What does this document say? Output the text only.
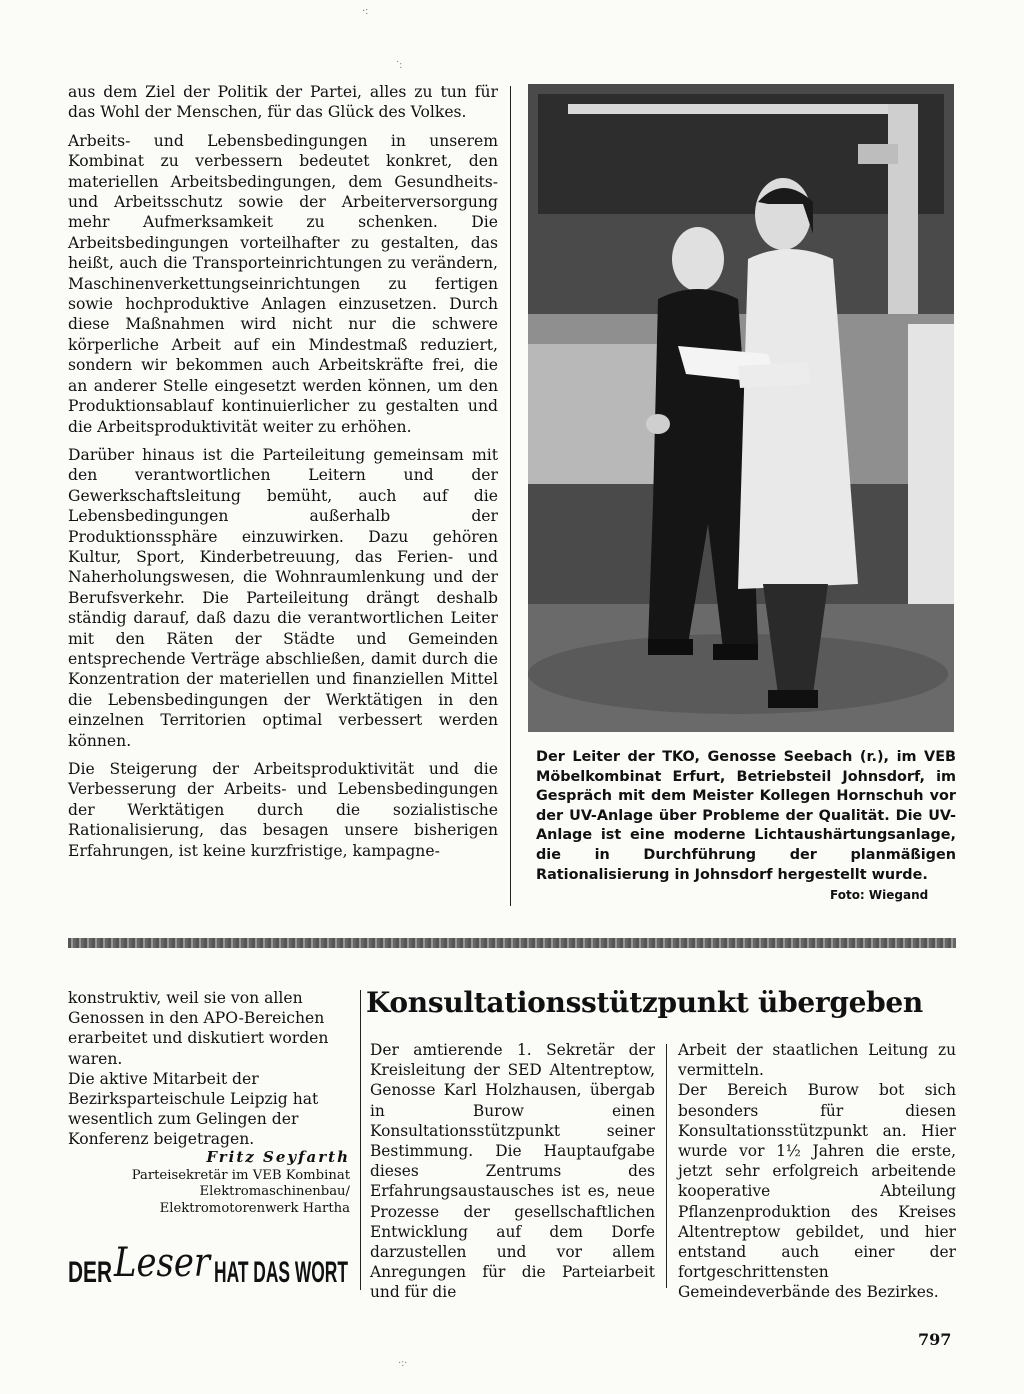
·:
˙:
·:·

aus dem Ziel der Politik der Partei, alles zu tun für das Wohl der Menschen, für das Glück des Volkes.

Arbeits- und Lebensbedingungen in unserem Kombinat zu verbessern bedeutet konkret, den materiellen Arbeitsbedingungen, dem Gesundheits- und Arbeitsschutz sowie der Arbeiterversorgung mehr Aufmerksamkeit zu schenken. Die Arbeitsbedingungen vorteilhafter zu gestalten, das heißt, auch die Transporteinrichtungen zu verändern, Maschinenverkettungseinrichtungen zu fertigen sowie hochproduktive Anlagen einzusetzen. Durch diese Maßnahmen wird nicht nur die schwere körperliche Arbeit auf ein Mindestmaß reduziert, sondern wir bekommen auch Arbeitskräfte frei, die an anderer Stelle eingesetzt werden können, um den Produktionsablauf kontinuierlicher zu gestalten und die Arbeitsproduktivität weiter zu erhöhen.

Darüber hinaus ist die Parteileitung gemeinsam mit den verantwortlichen Leitern und der Gewerkschaftsleitung bemüht, auch auf die Lebensbedingungen außerhalb der Produktionssphäre einzuwirken. Dazu gehören Kultur, Sport, Kinderbetreuung, das Ferien- und Naherholungswesen, die Wohnraumlenkung und der Berufsverkehr. Die Parteileitung drängt deshalb ständig darauf, daß dazu die verantwortlichen Leiter mit den Räten der Städte und Gemeinden entsprechende Verträge abschließen, damit durch die Konzentration der materiellen und finanziellen Mittel die Lebensbedingungen der Werktätigen in den einzelnen Territorien optimal verbessert werden können.

Die Steigerung der Arbeitsproduktivität und die Verbesserung der Arbeits- und Lebensbedingungen der Werktätigen durch die sozialistische Rationalisierung, das besagen unsere bisherigen Erfahrungen, ist keine kurzfristige, kampagne-

Der Leiter der TKO, Genosse Seebach (r.), im VEB Möbelkombinat Erfurt, Betriebsteil Johnsdorf, im Gespräch mit dem Meister Kollegen Hornschuh vor der UV-Anlage über Probleme der Qualität. Die UV-Anlage ist eine moderne Lichtaushärtungsanlage, die in Durchführung der planmäßigen Rationalisierung in Johnsdorf hergestellt wurde.
Foto: Wiegand

konstruktiv, weil sie von allen Genossen in den APO-Bereichen erarbeitet und diskutiert worden waren.

Die aktive Mitarbeit der Bezirksparteischule Leipzig hat wesentlich zum Gelingen der Konferenz beigetragen.

Fritz Seyfarth
Parteisekretär im VEB Kombinat
Elektromaschinenbau/
Elektromotorenwerk Hartha
DER Leser HAT DAS WORT
Konsultationsstützpunkt übergeben

Der amtierende 1. Sekretär der Kreisleitung der SED Altentreptow, Genosse Karl Holzhausen, übergab in Burow einen Konsultationsstützpunkt seiner Bestimmung. Die Hauptaufgabe dieses Zentrums des Erfahrungsaustausches ist es, neue Prozesse der gesellschaftlichen Entwicklung auf dem Dorfe darzustellen und vor allem Anregungen für die Parteiarbeit und für die

Arbeit der staatlichen Leitung zu vermitteln.

Der Bereich Burow bot sich besonders für diesen Konsultationsstützpunkt an. Hier wurde vor 1½ Jahren die erste, jetzt sehr erfolgreich arbeitende kooperative Abteilung Pflanzenproduktion des Kreises Altentreptow gebildet, und hier entstand auch einer der fortgeschrittensten Gemeindeverbände des Bezirkes.

797
